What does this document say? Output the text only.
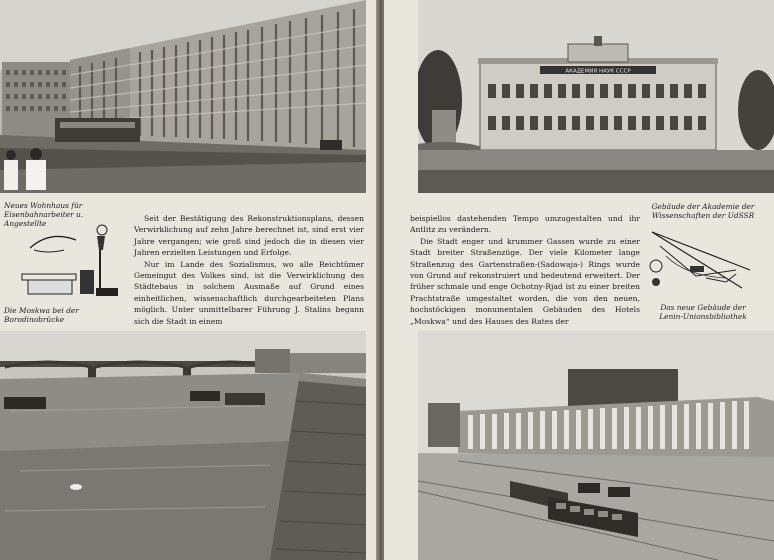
Neues Wohnhaus für Eisenbahnarbeiter u. Angestellte
Die Moskwa bei der Borodinobrücke

Seit der Bestätigung des Rekonstruktionsplans, dessen Verwirklichung auf zehn Jahre berechnet ist, sind erst vier Jahre vergangen; wie groß sind jedoch die in diesen vier Jahren erzielten Leistungen und Erfolge.

Nur im Lande des Sozialismus, wo alle Reichtümer Gemeingut des Volkes sind, ist die Verwirklichung des Städtebaus in solchem Ausmaße auf Grund eines einheitlichen, wissenschaftlich durchgearbeiteten Plans möglich. Unter unmittelbarer Führung J. Stalins begann sich die Stadt in einem

АКАДЕМИЯ НАУК СССР

beispiellos dastehenden Tempo umzugestalten und ihr Antlitz zu verändern.

Die Stadt enger und krummer Gassen wurde zu einer Stadt breiter Straßenzüge. Der viele Kilometer lange Straßenzug des Gartenstraßen-(Sadowaja-) Rings wurde von Grund auf rekonstruiert und bedeutend erweitert. Der früher schmale und enge Ochotny-Rjad ist zu einer breiten Prachtstraße umgestaltet worden, die von den neuen, hochstöckigen monumentalen Gebäuden des Hotels „Moskwa“ und des Hauses des Rates der

Gebäude der Akademie der Wissenschaften der UdSSR
Das neue Gebäude der Lenin-Unionsbibliothek
